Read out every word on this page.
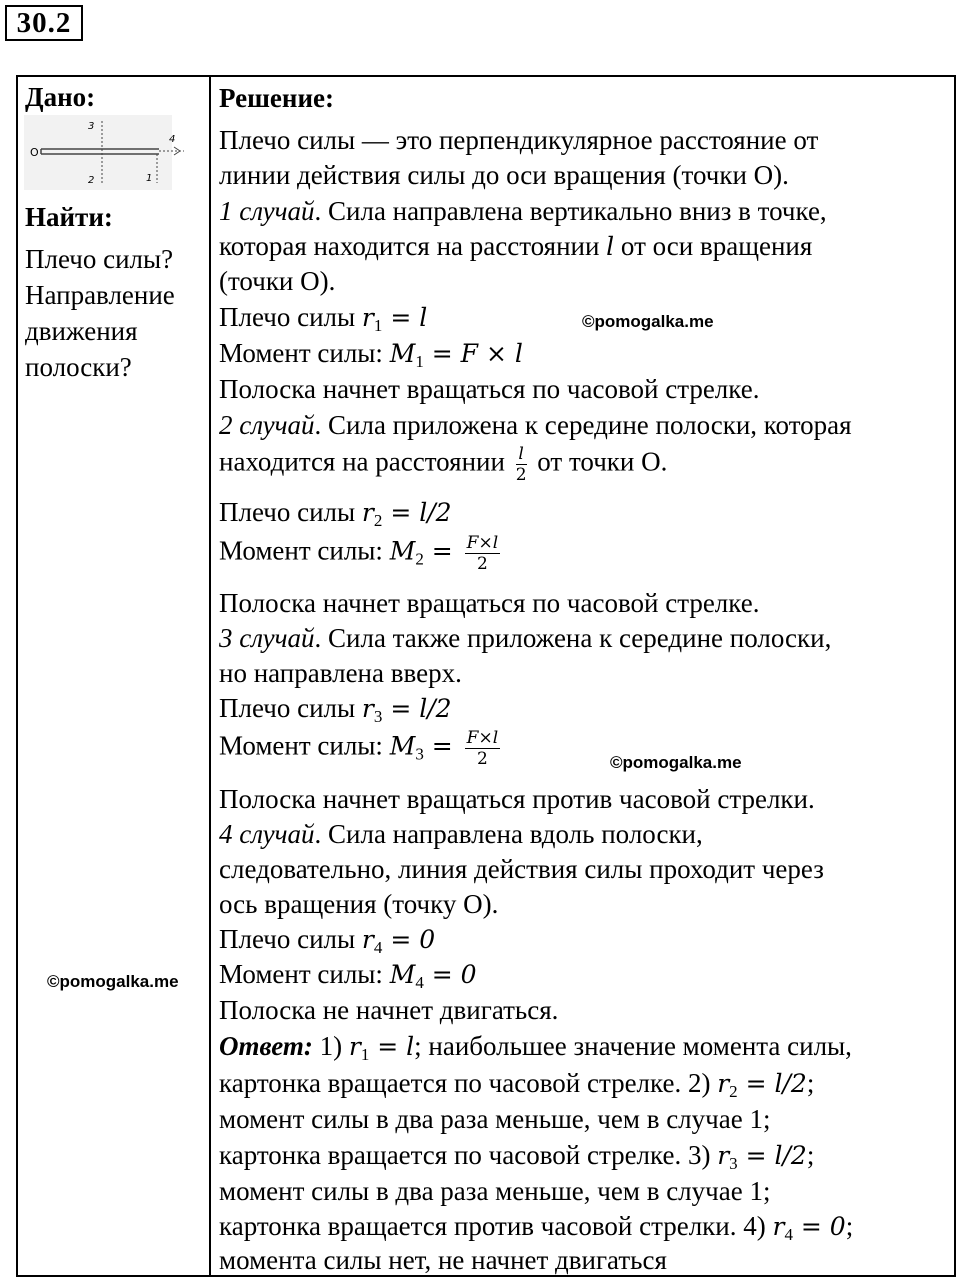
30.2
Дано:
O
3
2
4
1
Найти:
Плечо силы?
Направление
движения
полоски?
©pomogalka.me
Решение:
Плечо силы — это перпендикулярное расстояние от
линии действия силы до оси вращения (точки О).
1 случай. Сила направлена вертикально вниз в точке,
которая находится на расстоянии l от оси вращения
(точки О).
Плечо силы $r_1 = l$	©pomogalka.me
Момент силы: $M_1 = F \times l$
Полоска начнет вращаться по часовой стрелке.
2 случай. Сила приложена к середине полоски, которая
находится на расстоянии $\frac{l}{2}$ от точки О.
Плечо силы $r_2 = l/2$
Момент силы: $M_2 = \frac{F\times l}{2}$
Полоска начнет вращаться по часовой стрелке.
3 случай. Сила также приложена к середине полоски,
но направлена вверх.
Плечо силы $r_3 = l/2$
Момент силы: $M_3 = \frac{F\times l}{2}$	©pomogalka.me
Полоска начнет вращаться против часовой стрелки.
4 случай. Сила направлена вдоль полоски,
следовательно, линия действия силы проходит через
ось вращения (точку О).
Плечо силы $r_4 = 0$
Момент силы: $M_4 = 0$
Полоска не начнет двигаться.
Ответ: 1) $r_1 = l$; наибольшее значение момента силы,
картонка вращается по часовой стрелке. 2) $r_2 = l/2$;
момент силы в два раза меньше, чем в случае 1;
картонка вращается по часовой стрелке. 3) $r_3 = l/2$;
момент силы в два раза меньше, чем в случае 1;
картонка вращается против часовой стрелки. 4) $r_4 = 0$;
момента силы нет, не начнет двигаться
